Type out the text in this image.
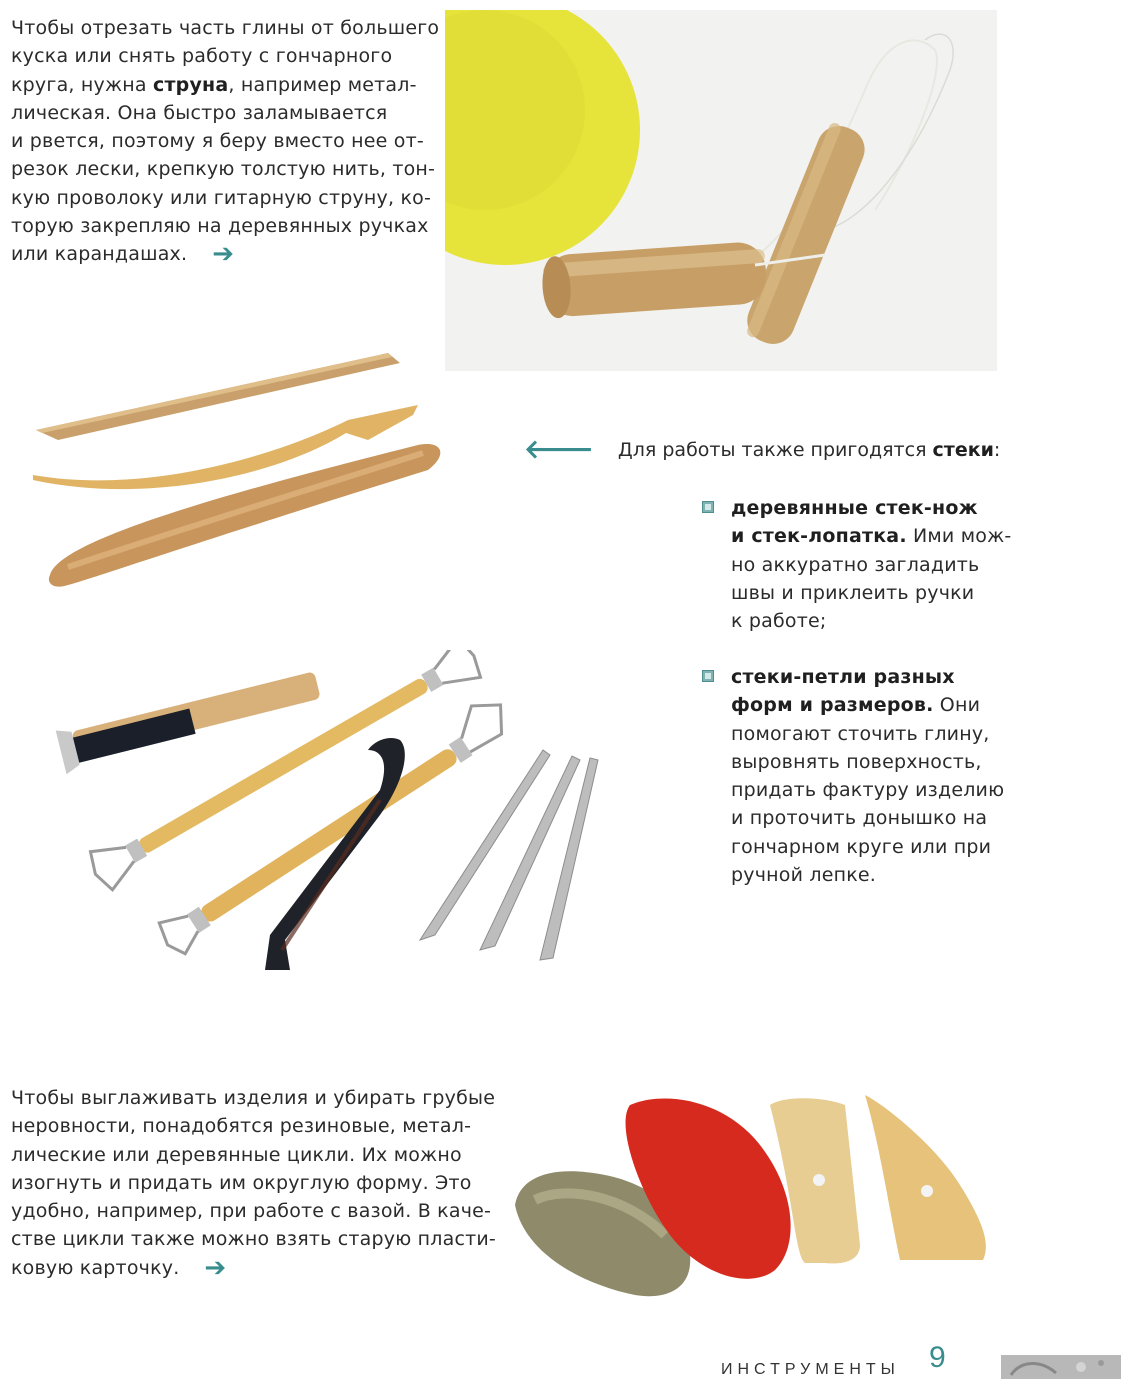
Чтобы отрезать часть глины от большего
куска или снять работу с гончарного
круга, нужна струна, например метал-
лическая. Она быстро заламывается
и рвется, поэтому я беру вместо нее от-
резок лески, крепкую толстую нить, тон-
кую проволоку или гитарную струну, ко-
торую закрепляю на деревянных ручках
или карандашах. ➔

🡐 Для работы также пригодятся стеки:

деревянные стек-нож
и стек-лопатка. Ими мож-
но аккуратно загладить
швы и приклеить ручки
к работе;

стеки-петли разных
форм и размеров. Они
помогают сточить глину,
выровнять поверхность,
придать фактуру изделию
и проточить донышко на
гончарном круге или при
ручной лепке.

Чтобы выглаживать изделия и убирать грубые
неровности, понадобятся резиновые, метал-
лические или деревянные цикли. Их можно
изогнуть и придать им округлую форму. Это
удобно, например, при работе с вазой. В каче-
стве цикли также можно взять старую пласти-
ковую карточку. ➔

ИНСТРУМЕНТЫ 9
